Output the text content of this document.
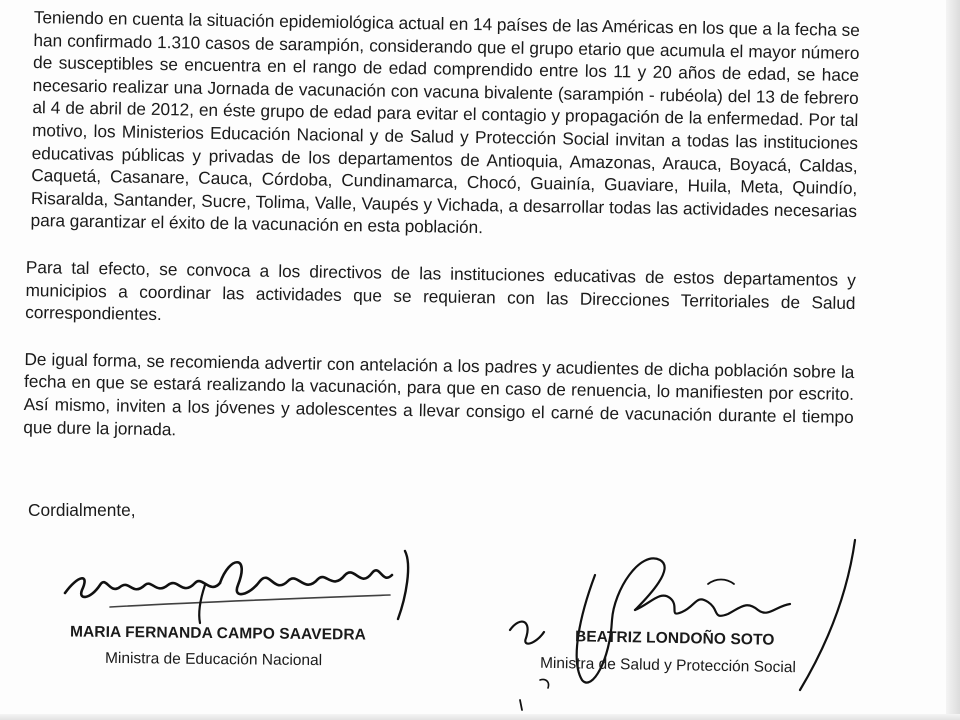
Teniendo en cuenta la situación epidemiológica actual en 14 países de las Américas en los que a la fecha se han confirmado 1.310 casos de sarampión, considerando que el grupo etario que acumula el mayor número de susceptibles se encuentra en el rango de edad comprendido entre los 11 y 20 años de edad, se hace necesario realizar una Jornada de vacunación con vacuna bivalente (sarampión - rubéola) del 13 de febrero al 4 de abril de 2012, en éste grupo de edad para evitar el contagio y propagación de la enfermedad. Por tal motivo, los Ministerios Educación Nacional y de Salud y Protección Social invitan a todas las instituciones educativas públicas y privadas de los departamentos de Antioquia, Amazonas, Arauca, Boyacá, Caldas, Caquetá, Casanare, Cauca, Córdoba, Cundinamarca, Chocó, Guainía, Guaviare, Huila, Meta, Quindío, Risaralda, Santander, Sucre, Tolima, Valle, Vaupés y Vichada, a desarrollar todas las actividades necesarias para garantizar el éxito de la vacunación en esta población.

Para tal efecto, se convoca a los directivos de las instituciones educativas de estos departamentos y municipios a coordinar las actividades que se requieran con las Direcciones Territoriales de Salud correspondientes.

De igual forma, se recomienda advertir con antelación a los padres y acudientes de dicha población sobre la fecha en que se estará realizando la vacunación, para que en caso de renuencia, lo manifiesten por escrito. Así mismo, inviten a los jóvenes y adolescentes a llevar consigo el carné de vacunación durante el tiempo que dure la jornada.

Cordialmente,

MARIA FERNANDA CAMPO SAAVEDRA

Ministra de Educación Nacional

BEATRIZ LONDOÑO SOTO

Ministra de Salud y Protección Social
